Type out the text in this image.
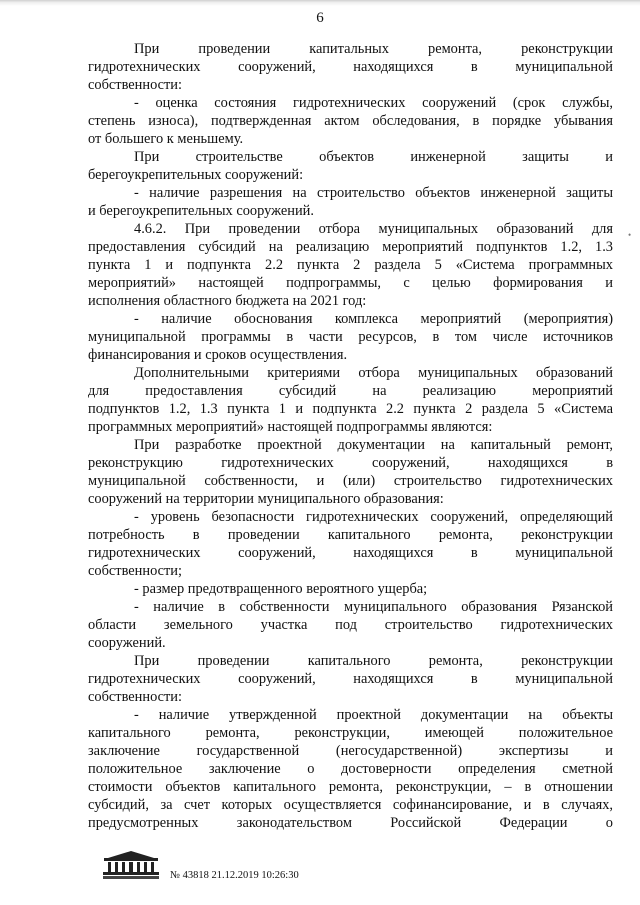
6

При проведении капитальных ремонта, реконструкции

гидротехнических сооружений, находящихся в муниципальной

собственности:

- оценка состояния гидротехнических сооружений (срок службы,

степень износа), подтвержденная актом обследования, в порядке убывания

от большего к меньшему.

При строительстве объектов инженерной защиты и

берегоукрепительных сооружений:

- наличие разрешения на строительство объектов инженерной защиты

и берегоукрепительных сооружений.

4.6.2. При проведении отбора муниципальных образований для

предоставления субсидий на реализацию мероприятий подпунктов 1.2, 1.3

пункта 1 и подпункта 2.2 пункта 2 раздела 5 «Система программных

мероприятий» настоящей подпрограммы, с целью формирования и

исполнения областного бюджета на 2021 год:

- наличие обоснования комплекса мероприятий (мероприятия)

муниципальной программы в части ресурсов, в том числе источников

финансирования и сроков осуществления.

Дополнительными критериями отбора муниципальных образований

для предоставления субсидий на реализацию мероприятий

подпунктов 1.2, 1.3 пункта 1 и подпункта 2.2 пункта 2 раздела 5 «Система

программных мероприятий» настоящей подпрограммы являются:

При разработке проектной документации на капитальный ремонт,

реконструкцию гидротехнических сооружений, находящихся в

муниципальной собственности, и (или) строительство гидротехнических

сооружений на территории муниципального образования:

- уровень безопасности гидротехнических сооружений, определяющий

потребность в проведении капитального ремонта, реконструкции

гидротехнических сооружений, находящихся в муниципальной

собственности;

- размер предотвращенного вероятного ущерба;

- наличие в собственности муниципального образования Рязанской

области земельного участка под строительство гидротехнических

сооружений.

При проведении капитального ремонта, реконструкции

гидротехнических сооружений, находящихся в муниципальной

собственности:

- наличие утвержденной проектной документации на объекты

капитального ремонта, реконструкции, имеющей положительное

заключение государственной (негосударственной) экспертизы и

положительное заключение о достоверности определения сметной

стоимости объектов капитального ремонта, реконструкции, – в отношении

субсидий, за счет которых осуществляется софинансирование, и в случаях,

предусмотренных законодательством Российской Федерации о

•
№ 43818 21.12.2019 10:26:30
